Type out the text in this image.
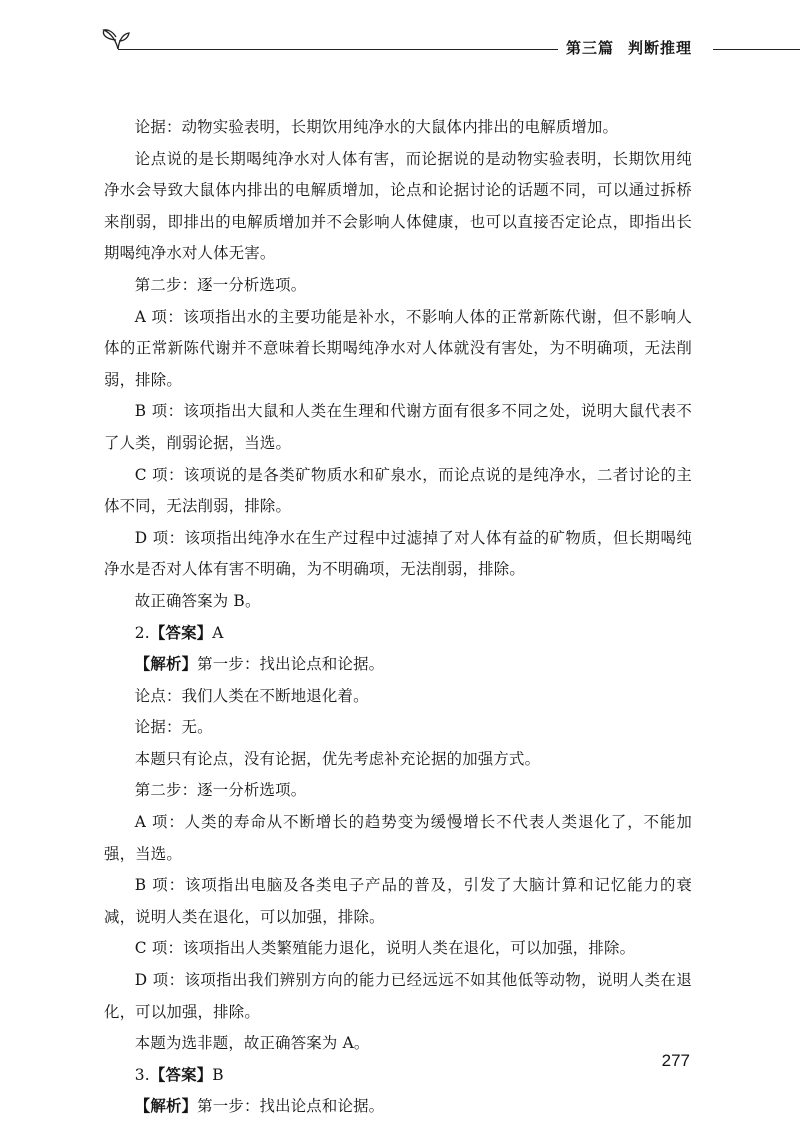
第三篇 判断推理

论据：动物实验表明，长期饮用纯净水的大鼠体内排出的电解质增加。

论点说的是长期喝纯净水对人体有害，而论据说的是动物实验表明，长期饮用纯净水会导致大鼠体内排出的电解质增加，论点和论据讨论的话题不同，可以通过拆桥来削弱，即排出的电解质增加并不会影响人体健康，也可以直接否定论点，即指出长期喝纯净水对人体无害。

第二步：逐一分析选项。

A 项：该项指出水的主要功能是补水，不影响人体的正常新陈代谢，但不影响人体的正常新陈代谢并不意味着长期喝纯净水对人体就没有害处，为不明确项，无法削弱，排除。

B 项：该项指出大鼠和人类在生理和代谢方面有很多不同之处，说明大鼠代表不了人类，削弱论据，当选。

C 项：该项说的是各类矿物质水和矿泉水，而论点说的是纯净水，二者讨论的主体不同，无法削弱，排除。

D 项：该项指出纯净水在生产过程中过滤掉了对人体有益的矿物质，但长期喝纯净水是否对人体有害不明确，为不明确项，无法削弱，排除。

故正确答案为 B。

2.【答案】A

【解析】第一步：找出论点和论据。

论点：我们人类在不断地退化着。

论据：无。

本题只有论点，没有论据，优先考虑补充论据的加强方式。

第二步：逐一分析选项。

A 项：人类的寿命从不断增长的趋势变为缓慢增长不代表人类退化了，不能加强，当选。

B 项：该项指出电脑及各类电子产品的普及，引发了大脑计算和记忆能力的衰减，说明人类在退化，可以加强，排除。

C 项：该项指出人类繁殖能力退化，说明人类在退化，可以加强，排除。

D 项：该项指出我们辨别方向的能力已经远远不如其他低等动物，说明人类在退化，可以加强，排除。

本题为选非题，故正确答案为 A。

3.【答案】B

【解析】第一步：找出论点和论据。

277
